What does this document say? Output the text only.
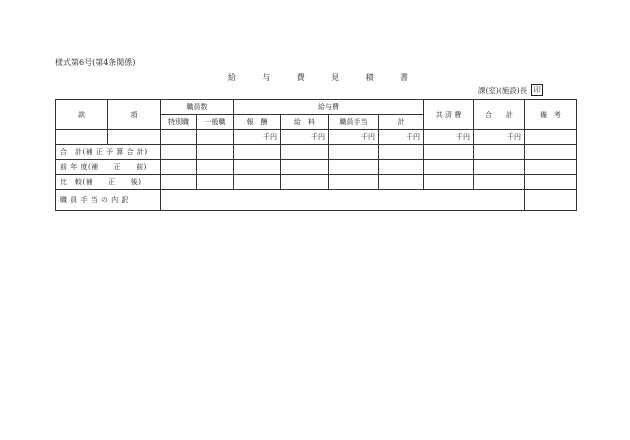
様式第6号(第4条関係)
給	与	費	見	積	書
課(室)(施設)長 印
款	項	職員数		給与費				共 済 費	合　　計	備　考
		特別職	一般職	報　酬	給　料	職員手当	計			
				千円	千円	千円	千円	千円	千円	
合　計(補 正 予 算 合 計)										
前 年 度(補　　正　　前)										
比　較(補　　正　　後)										
職 員 手 当 の 内 訳										
